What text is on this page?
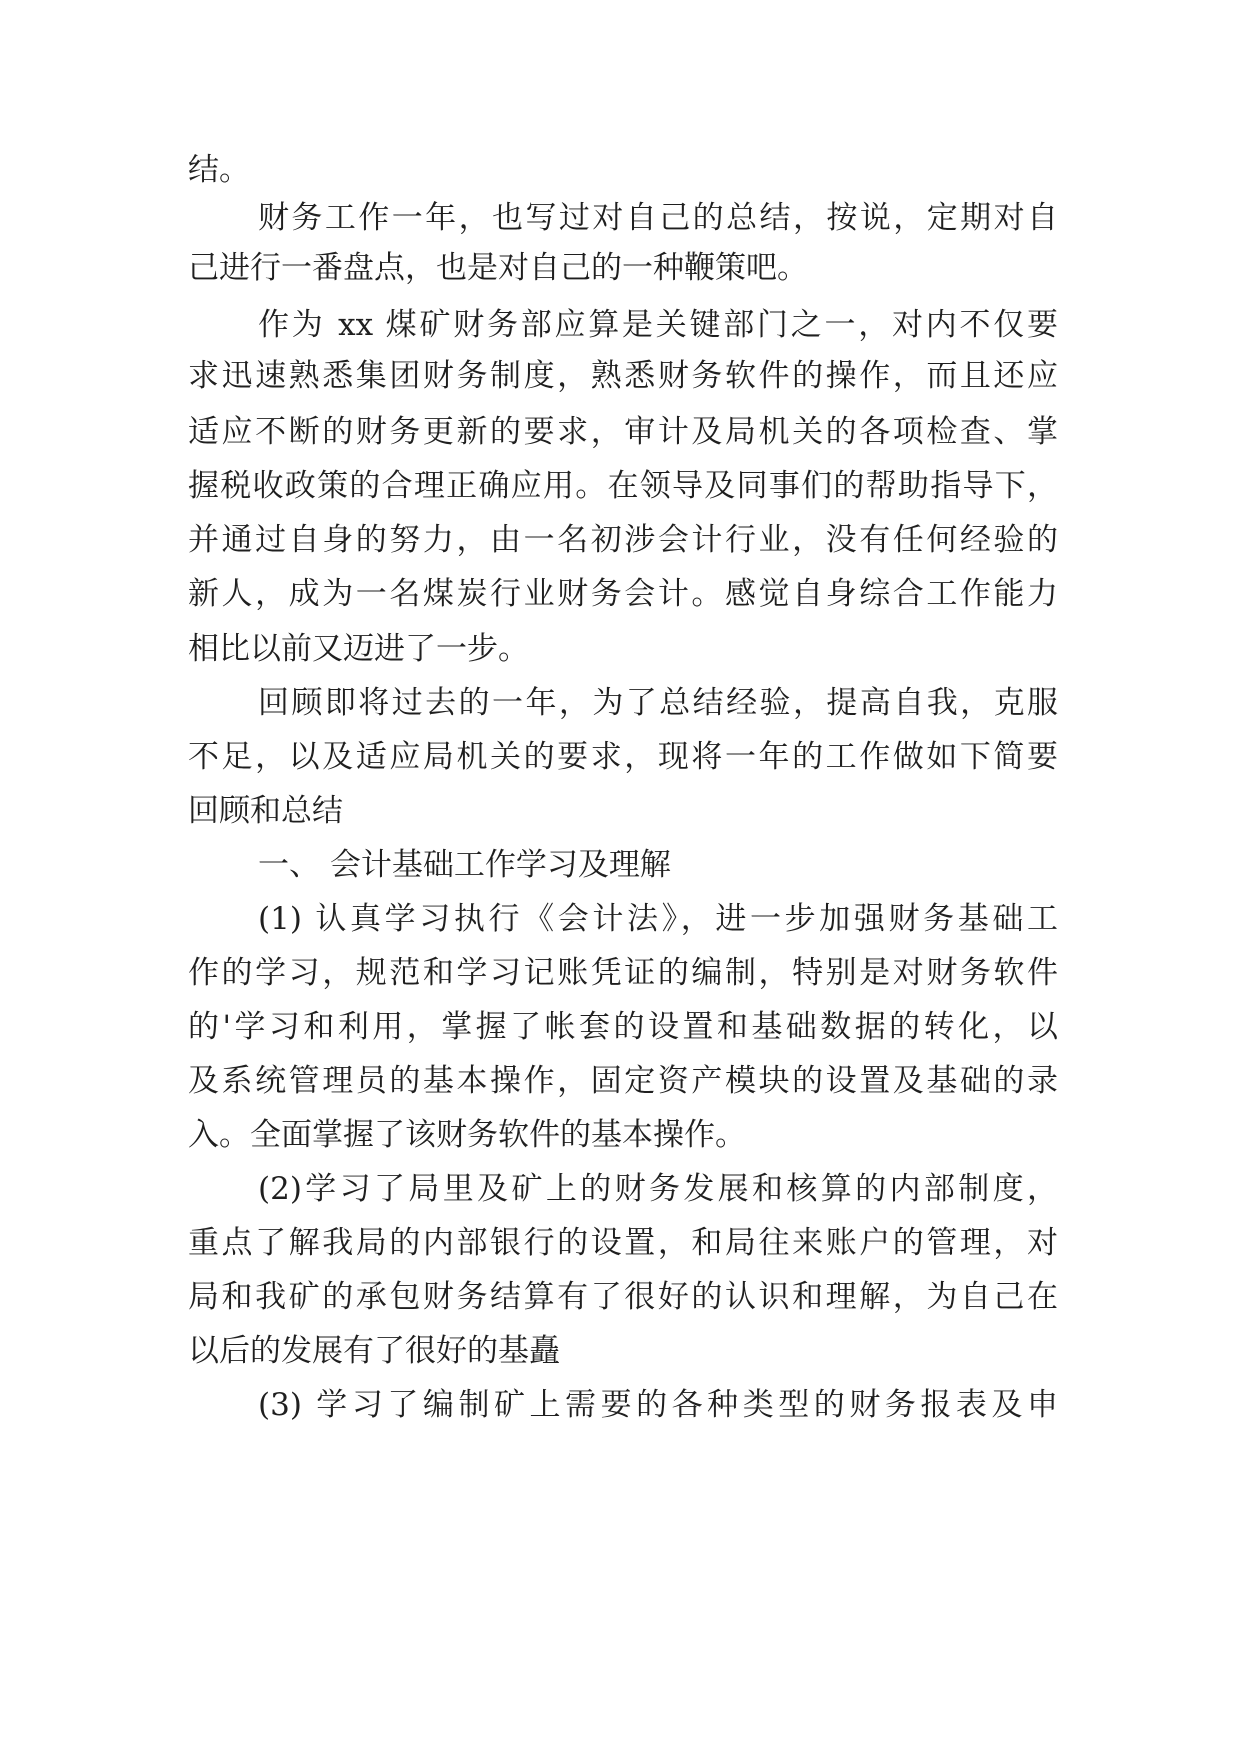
结。
财务工作一年，也写过对自己的总结，按说，定期对自
己进行一番盘点，也是对自己的一种鞭策吧。
作为 xx 煤矿财务部应算是关键部门之一，对内不仅要
求迅速熟悉集团财务制度，熟悉财务软件的操作，而且还应
适应不断的财务更新的要求，审计及局机关的各项检查、掌
握税收政策的合理正确应用。在领导及同事们的帮助指导下，
并通过自身的努力，由一名初涉会计行业，没有任何经验的
新人，成为一名煤炭行业财务会计。感觉自身综合工作能力
相比以前又迈进了一步。
回顾即将过去的一年，为了总结经验，提高自我，克服
不足，以及适应局机关的要求，现将一年的工作做如下简要
回顾和总结
一、 会计基础工作学习及理解
(1) 认真学习执行《会计法》，进一步加强财务基础工
作的学习，规范和学习记账凭证的编制，特别是对财务软件
的'学习和利用，掌握了帐套的设置和基础数据的转化，以
及系统管理员的基本操作，固定资产模块的设置及基础的录
入。全面掌握了该财务软件的基本操作。
(2)学习了局里及矿上的财务发展和核算的内部制度，
重点了解我局的内部银行的设置，和局往来账户的管理，对
局和我矿的承包财务结算有了很好的认识和理解，为自己在
以后的发展有了很好的基矗
(3) 学习了编制矿上需要的各种类型的财务报表及申
